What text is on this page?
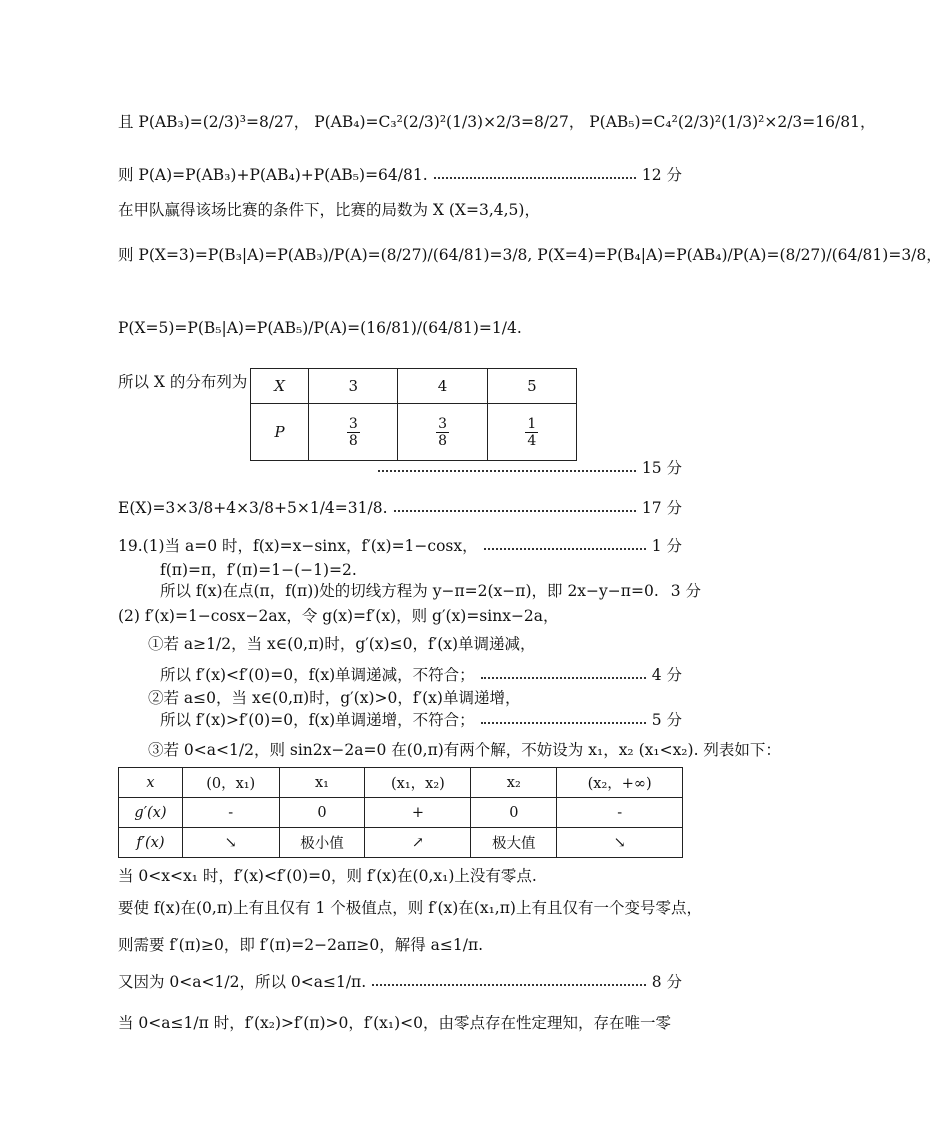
且 P(AB₃)=(2/3)³=8/27， P(AB₄)=C₃²(2/3)²(1/3)×2/3=8/27， P(AB₅)=C₄²(2/3)²(1/3)²×2/3=16/81，
则 P(A)=P(AB₃)+P(AB₄)+P(AB₅)=64/81.	12 分
在甲队赢得该场比赛的条件下，比赛的局数为 X (X=3,4,5)，
则 P(X=3)=P(B₃|A)=P(AB₃)/P(A)=(8/27)/(64/81)=3/8, P(X=4)=P(B₄|A)=P(AB₄)/P(A)=(8/27)/(64/81)=3/8，
P(X=5)=P(B₅|A)=P(AB₅)/P(A)=(16/81)/(64/81)=1/4.
所以 X 的分布列为 X	3	4	5
P	$\frac{3}{8}$	$\frac{3}{8}$	$\frac{1}{4}$
15 分
E(X)=3×3/8+4×3/8+5×1/4=31/8.	17 分
19.(1)当 a=0 时，f(x)=x−sinx，f′(x)=1−cosx，	1 分
f(π)=π，f′(π)=1−(−1)=2.
所以 f(x)在点(π，f(π))处的切线方程为 y−π=2(x−π)，即 2x−y−π=0. 3 分
(2) f′(x)=1−cosx−2ax，令 g(x)=f′(x)，则 g′(x)=sinx−2a，
①若 a≥1/2，当 x∈(0,π)时，g′(x)≤0，f′(x)单调递减，
所以 f′(x)<f′(0)=0，f(x)单调递减，不符合；	4 分
②若 a≤0，当 x∈(0,π)时，g′(x)>0，f′(x)单调递增，
所以 f′(x)>f′(0)=0，f(x)单调递增，不符合；	5 分
③若 0<a<1/2，则 sin2x−2a=0 在(0,π)有两个解，不妨设为 x₁，x₂ (x₁<x₂). 列表如下：
x	(0，x₁)	x₁	(x₁，x₂)	x₂	(x₂，+∞)
g′(x)	-	0	+	0	-
f′(x)	↘	极小值	↗	极大值	↘
当 0<x<x₁ 时，f′(x)<f′(0)=0，则 f′(x)在(0,x₁)上没有零点.
要使 f(x)在(0,π)上有且仅有 1 个极值点，则 f′(x)在(x₁,π)上有且仅有一个变号零点，
则需要 f′(π)≥0，即 f′(π)=2−2aπ≥0，解得 a≤1/π.
又因为 0<a<1/2，所以 0<a≤1/π.	8 分
当 0<a≤1/π 时，f′(x₂)>f′(π)>0，f′(x₁)<0，由零点存在性定理知，存在唯一零
